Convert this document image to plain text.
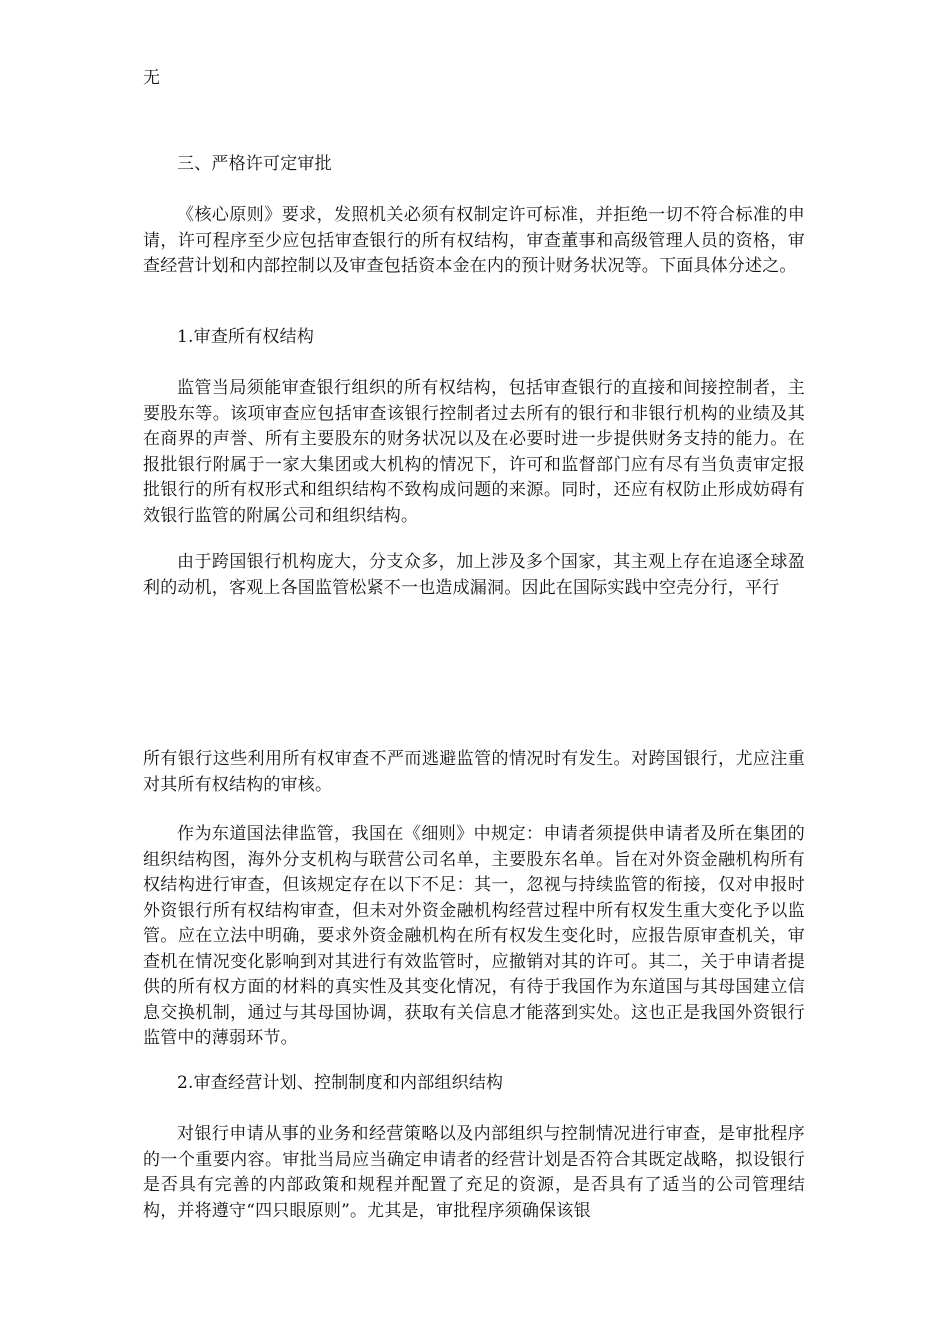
无
三、严格许可定审批
《核心原则》要求，发照机关必须有权制定许可标准，并拒绝一切不符合标准的申请，许可程序至少应包括审查银行的所有权结构，审查董事和高级管理人员的资格，审查经营计划和内部控制以及审查包括资本金在内的预计财务状况等。下面具体分述之。
1.审查所有权结构
监管当局须能审查银行组织的所有权结构，包括审查银行的直接和间接控制者，主要股东等。该项审查应包括审查该银行控制者过去所有的银行和非银行机构的业绩及其在商界的声誉、所有主要股东的财务状况以及在必要时进一步提供财务支持的能力。在报批银行附属于一家大集团或大机构的情况下，许可和监督部门应有尽有当负责审定报批银行的所有权形式和组织结构不致构成问题的来源。同时，还应有权防止形成妨碍有效银行监管的附属公司和组织结构。
由于跨国银行机构庞大，分支众多，加上涉及多个国家，其主观上存在追逐全球盈利的动机，客观上各国监管松紧不一也造成漏洞。因此在国际实践中空壳分行，平行
所有银行这些利用所有权审查不严而逃避监管的情况时有发生。对跨国银行，尤应注重对其所有权结构的审核。
作为东道国法律监管，我国在《细则》中规定：申请者须提供申请者及所在集团的组织结构图，海外分支机构与联营公司名单，主要股东名单。旨在对外资金融机构所有权结构进行审查，但该规定存在以下不足：其一，忽视与持续监管的衔接，仅对申报时外资银行所有权结构审查，但未对外资金融机构经营过程中所有权发生重大变化予以监管。应在立法中明确，要求外资金融机构在所有权发生变化时，应报告原审查机关，审查机在情况变化影响到对其进行有效监管时，应撤销对其的许可。其二，关于申请者提供的所有权方面的材料的真实性及其变化情况，有待于我国作为东道国与其母国建立信息交换机制，通过与其母国协调，获取有关信息才能落到实处。这也正是我国外资银行监管中的薄弱环节。
2.审查经营计划、控制制度和内部组织结构
对银行申请从事的业务和经营策略以及内部组织与控制情况进行审查，是审批程序的一个重要内容。审批当局应当确定申请者的经营计划是否符合其既定战略，拟设银行是否具有完善的内部政策和规程并配置了充足的资源，是否具有了适当的公司管理结构，并将遵守“四只眼原则”。尤其是，审批程序须确保该银
